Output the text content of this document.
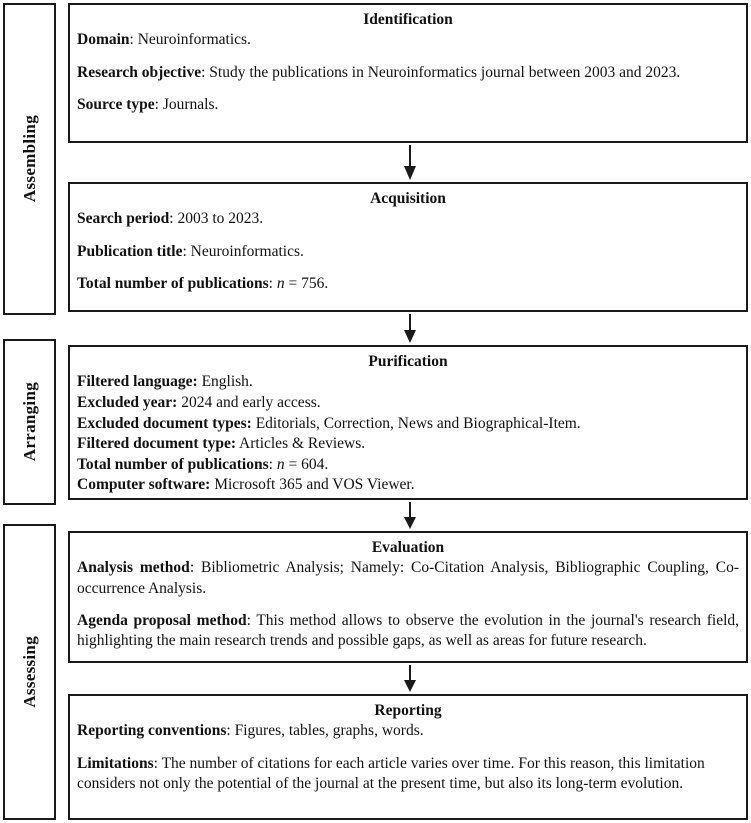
Assembling
Arranging
Assessing
Identification

Domain: Neuroinformatics.

Research objective: Study the publications in Neuroinformatics journal between 2003 and 2023.

Source type: Journals.

Acquisition

Search period: 2003 to 2023.

Publication title: Neuroinformatics.

Total number of publications: n = 756.

Purification

Filtered language: English.

Excluded year: 2024 and early access.

Excluded document types: Editorials, Correction, News and Biographical-Item.

Filtered document type: Articles & Reviews.

Total number of publications: n = 604.

Computer software: Microsoft 365 and VOS Viewer.

Evaluation

Analysis method: Bibliometric Analysis; Namely: Co-Citation Analysis, Bibliographic Coupling, Co-occurrence Analysis.

Agenda proposal method: This method allows to observe the evolution in the journal's research field, highlighting the main research trends and possible gaps, as well as areas for future research.

Reporting

Reporting conventions: Figures, tables, graphs, words.

Limitations: The number of citations for each article varies over time. For this reason, this limitation considers not only the potential of the journal at the present time, but also its long-term evolution.
